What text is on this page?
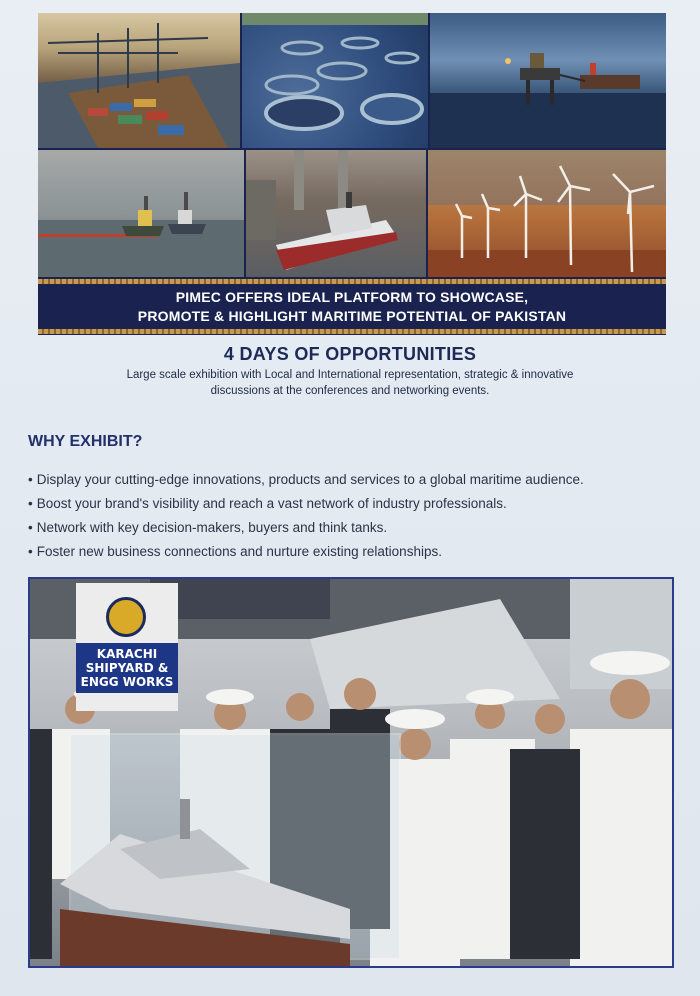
PIMEC OFFERS IDEAL PLATFORM TO SHOWCASE,
PROMOTE & HIGHLIGHT MARITIME POTENTIAL OF PAKISTAN
4 DAYS OF OPPORTUNITIES
Large scale exhibition with Local and International representation, strategic & innovative discussions at the conferences and networking events.
WHY EXHIBIT?
• Display your cutting-edge innovations, products and services to a global maritime audience.
• Boost your brand's visibility and reach a vast network of industry professionals.
• Network with key decision-makers, buyers and think tanks.
• Foster new business connections and nurture existing relationships.
KARACHI SHIPYARD & ENGG WORKS
